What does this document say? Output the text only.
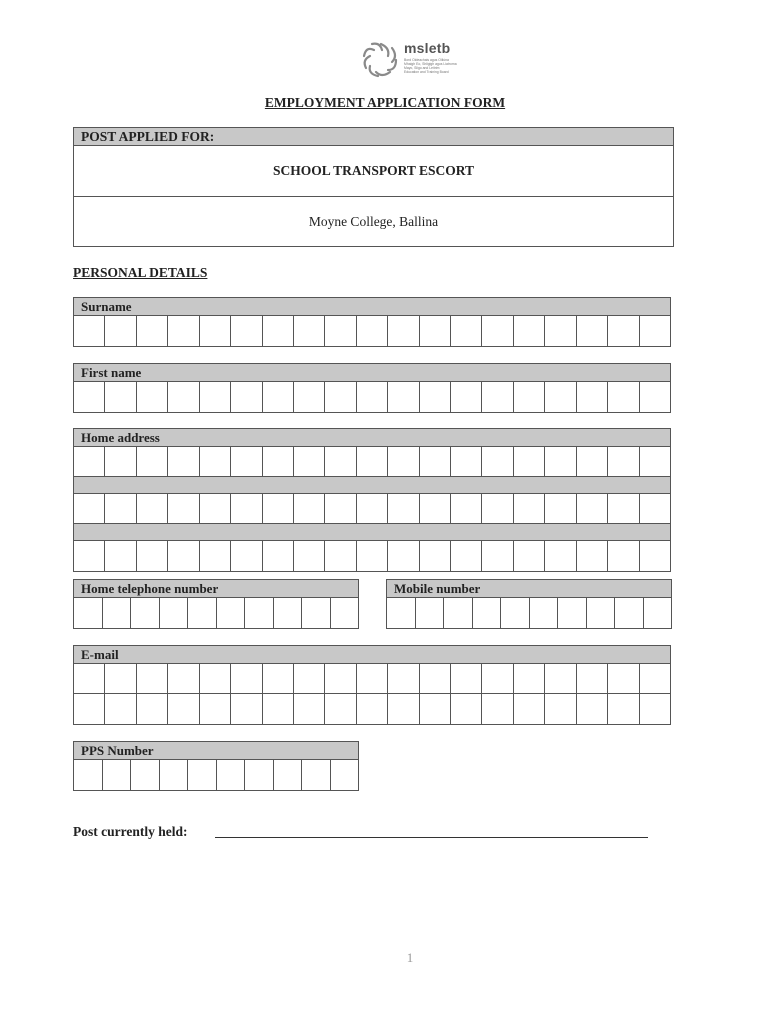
msletb
Bord Oideachais agus Oiliúna
Mhaigh Eo, Shligigh agus Liatroma
Mayo, Sligo and Leitrim
Education and Training Board
EMPLOYMENT APPLICATION FORM
POST APPLIED FOR:
SCHOOL TRANSPORT ESCORT
Moyne College, Ballina
PERSONAL DETAILS
Surname
First name
Home address
Home telephone number	Mobile number
E-mail
PPS Number
Post currently held:
1
